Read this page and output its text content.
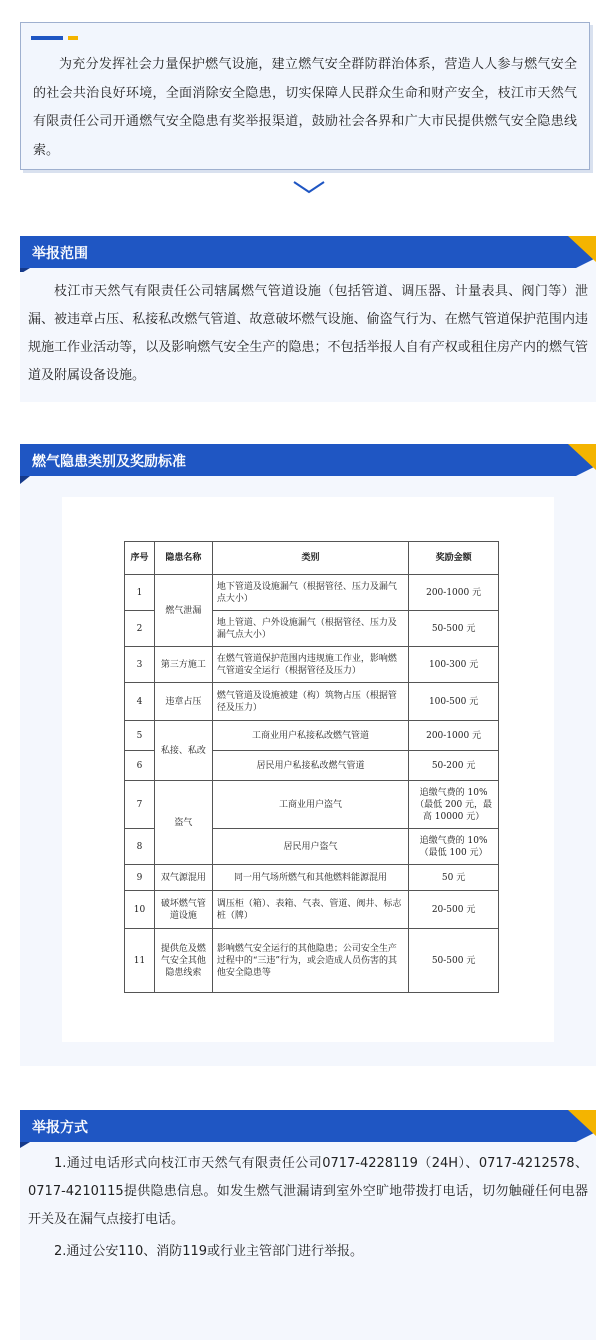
为充分发挥社会力量保护燃气设施，建立燃气安全群防群治体系，营造人人参与燃气安全的社会共治良好环境，全面消除安全隐患，切实保障人民群众生命和财产安全，枝江市天然气有限责任公司开通燃气安全隐患有奖举报渠道，鼓励社会各界和广大市民提供燃气安全隐患线索。

举报范围
枝江市天然气有限责任公司辖属燃气管道设施（包括管道、调压器、计量表具、阀门等）泄漏、被违章占压、私接私改燃气管道、故意破坏燃气设施、偷盗气行为、在燃气管道保护范围内违规施工作业活动等，以及影响燃气安全生产的隐患；不包括举报人自有产权或租住房产内的燃气管道及附属设备设施。
燃气隐患类别及奖励标准
序号	隐患名称	类别	奖励金额
1	燃气泄漏	地下管道及设施漏气（根据管径、压力及漏气点大小）	200-1000 元
2		地上管道、户外设施漏气（根据管径、压力及漏气点大小）	50-500 元
3	第三方施工	在燃气管道保护范围内违规施工作业，影响燃气管道安全运行（根据管径及压力）	100-300 元
4	违章占压	燃气管道及设施被建（构）筑物占压（根据管径及压力）	100-500 元
5	私接、私改	工商业用户私接私改燃气管道	200-1000 元
6		居民用户私接私改燃气管道	50-200 元
7	盗气	工商业用户盗气	追缴气费的 10%（最低 200 元，最高 10000 元）
8		居民用户盗气	追缴气费的 10%（最低 100 元）
9	双气源混用	同一用气场所燃气和其他燃料能源混用	50 元
10	破坏燃气管道设施	调压柜（箱）、表箱、气表、管道、阀井、标志桩（牌）	20-500 元
11	提供危及燃气安全其他隐患线索	影响燃气安全运行的其他隐患；公司安全生产过程中的“三违”行为，或会造成人员伤害的其他安全隐患等	50-500 元
举报方式
1.通过电话形式向枝江市天然气有限责任公司0717-4228119（24H）、0717-4212578、0717-4210115提供隐患信息。如发生燃气泄漏请到室外空旷地带拨打电话，切勿触碰任何电器开关及在漏气点接打电话。
2.通过公安110、消防119或行业主管部门进行举报。
